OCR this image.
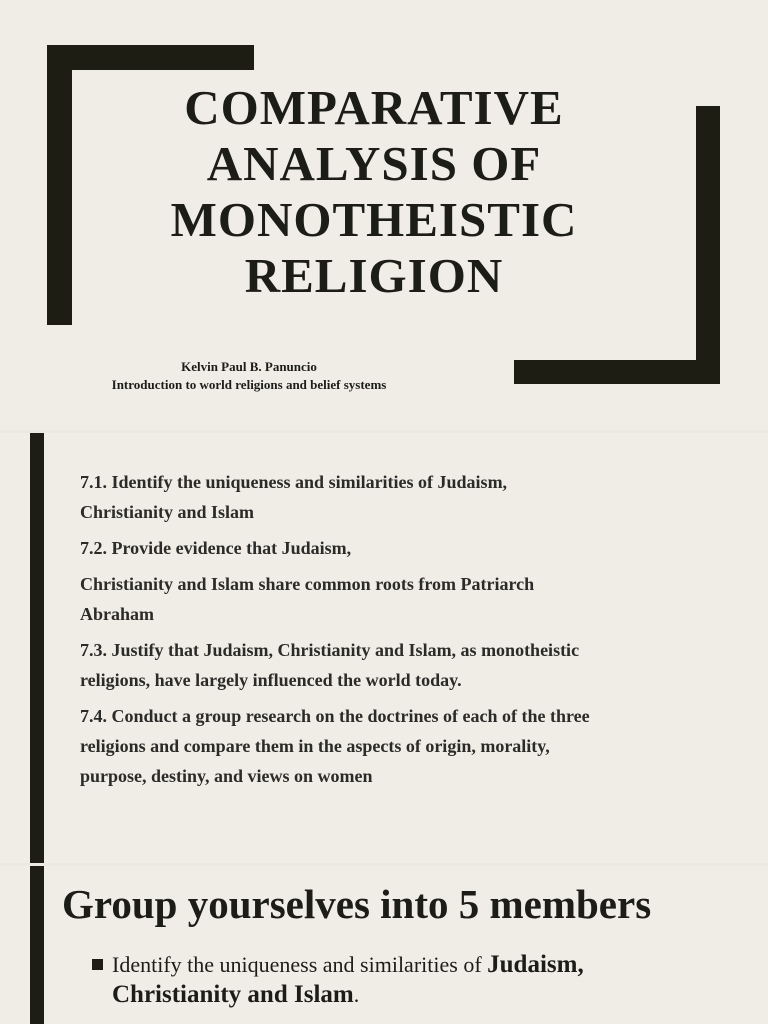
COMPARATIVE
ANALYSIS OF
MONOTHEISTIC
RELIGION
Kelvin Paul B. Panuncio
Introduction to world religions and belief systems
7.1. Identify the uniqueness and similarities of Judaism, Christianity and Islam
7.2. Provide evidence that Judaism,
Christianity and Islam share common roots from Patriarch Abraham
7.3. Justify that Judaism, Christianity and Islam, as monotheistic religions, have largely influenced the world today.
7.4. Conduct a group research on the doctrines of each of the three religions and compare them in the aspects of origin, morality, purpose, destiny, and views on women
Group yourselves into 5 members
Identify the uniqueness and similarities of Judaism, Christianity and Islam.
